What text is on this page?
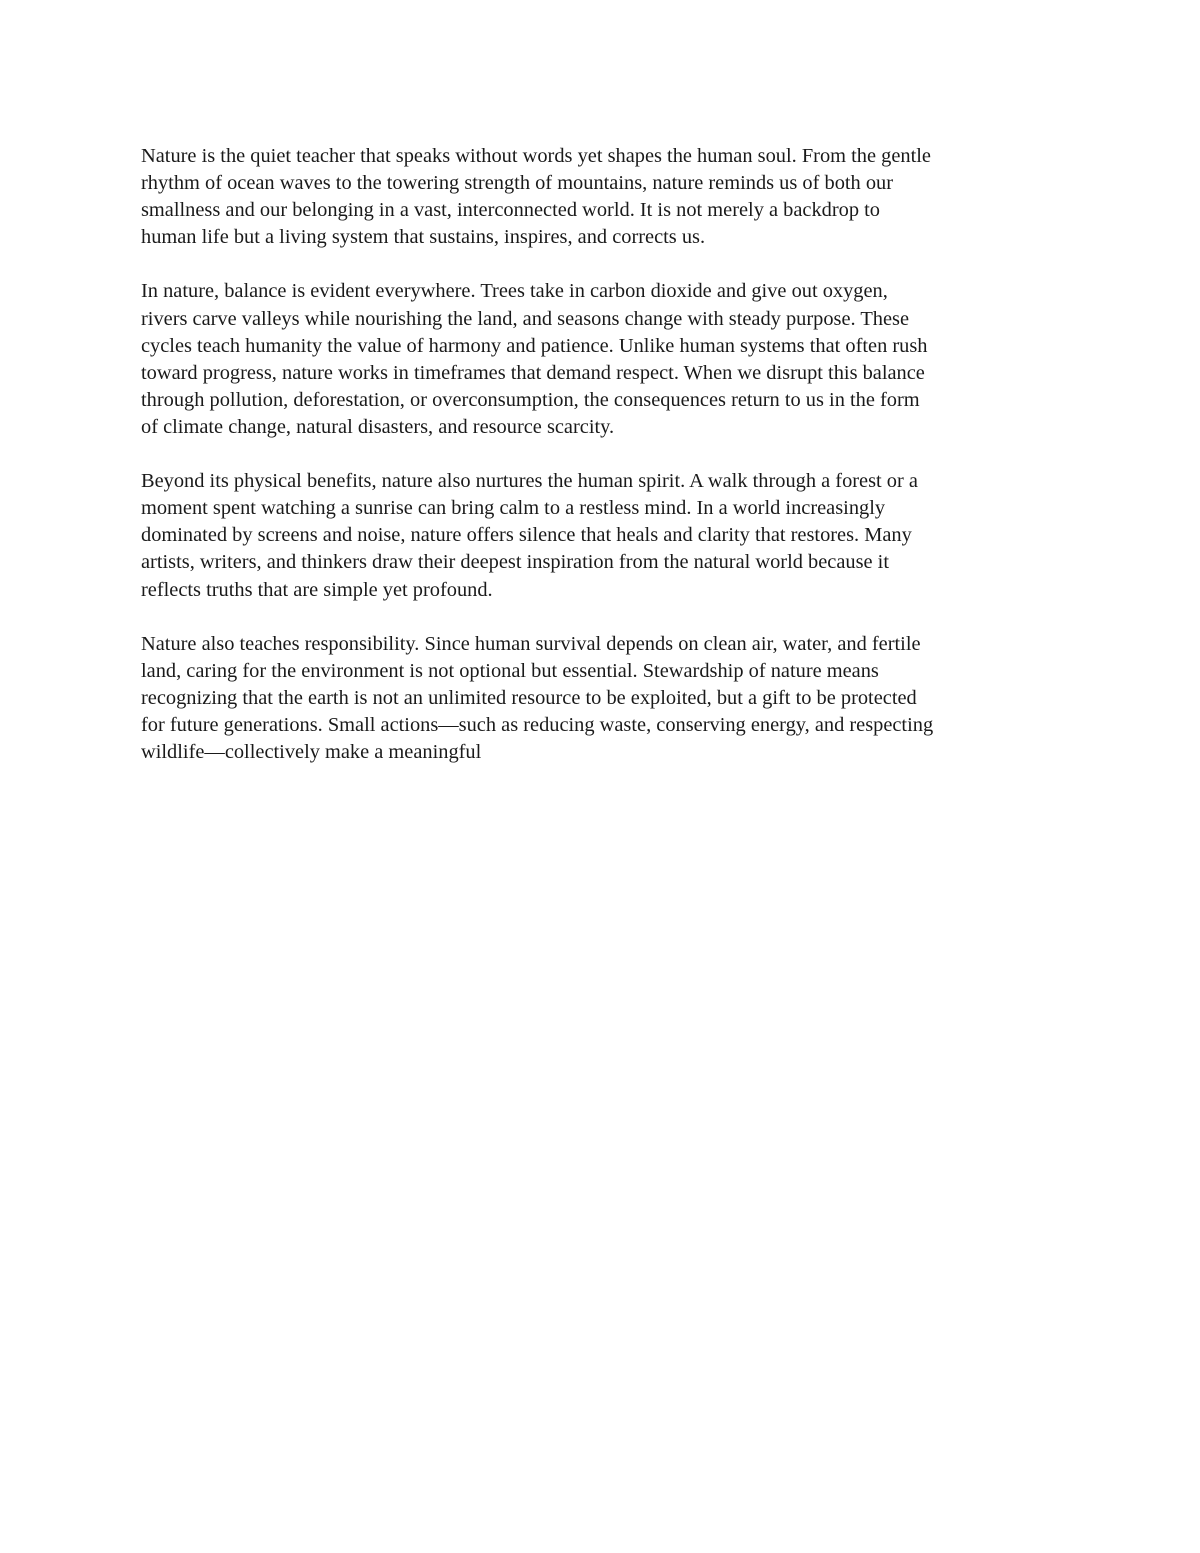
Nature is the quiet teacher that speaks without words yet shapes the human soul. From the gentle
rhythm of ocean waves to the towering strength of mountains, nature reminds us of both our
smallness and our belonging in a vast, interconnected world. It is not merely a backdrop to
human life but a living system that sustains, inspires, and corrects us.

In nature, balance is evident everywhere. Trees take in carbon dioxide and give out oxygen,
rivers carve valleys while nourishing the land, and seasons change with steady purpose. These
cycles teach humanity the value of harmony and patience. Unlike human systems that often rush
toward progress, nature works in timeframes that demand respect. When we disrupt this balance
through pollution, deforestation, or overconsumption, the consequences return to us in the form
of climate change, natural disasters, and resource scarcity.

Beyond its physical benefits, nature also nurtures the human spirit. A walk through a forest or a
moment spent watching a sunrise can bring calm to a restless mind. In a world increasingly
dominated by screens and noise, nature offers silence that heals and clarity that restores. Many
artists, writers, and thinkers draw their deepest inspiration from the natural world because it
reflects truths that are simple yet profound.

Nature also teaches responsibility. Since human survival depends on clean air, water, and fertile
land, caring for the environment is not optional but essential. Stewardship of nature means
recognizing that the earth is not an unlimited resource to be exploited, but a gift to be protected
for future generations. Small actions—such as reducing waste, conserving energy, and respecting
wildlife—collectively make a meaningful
